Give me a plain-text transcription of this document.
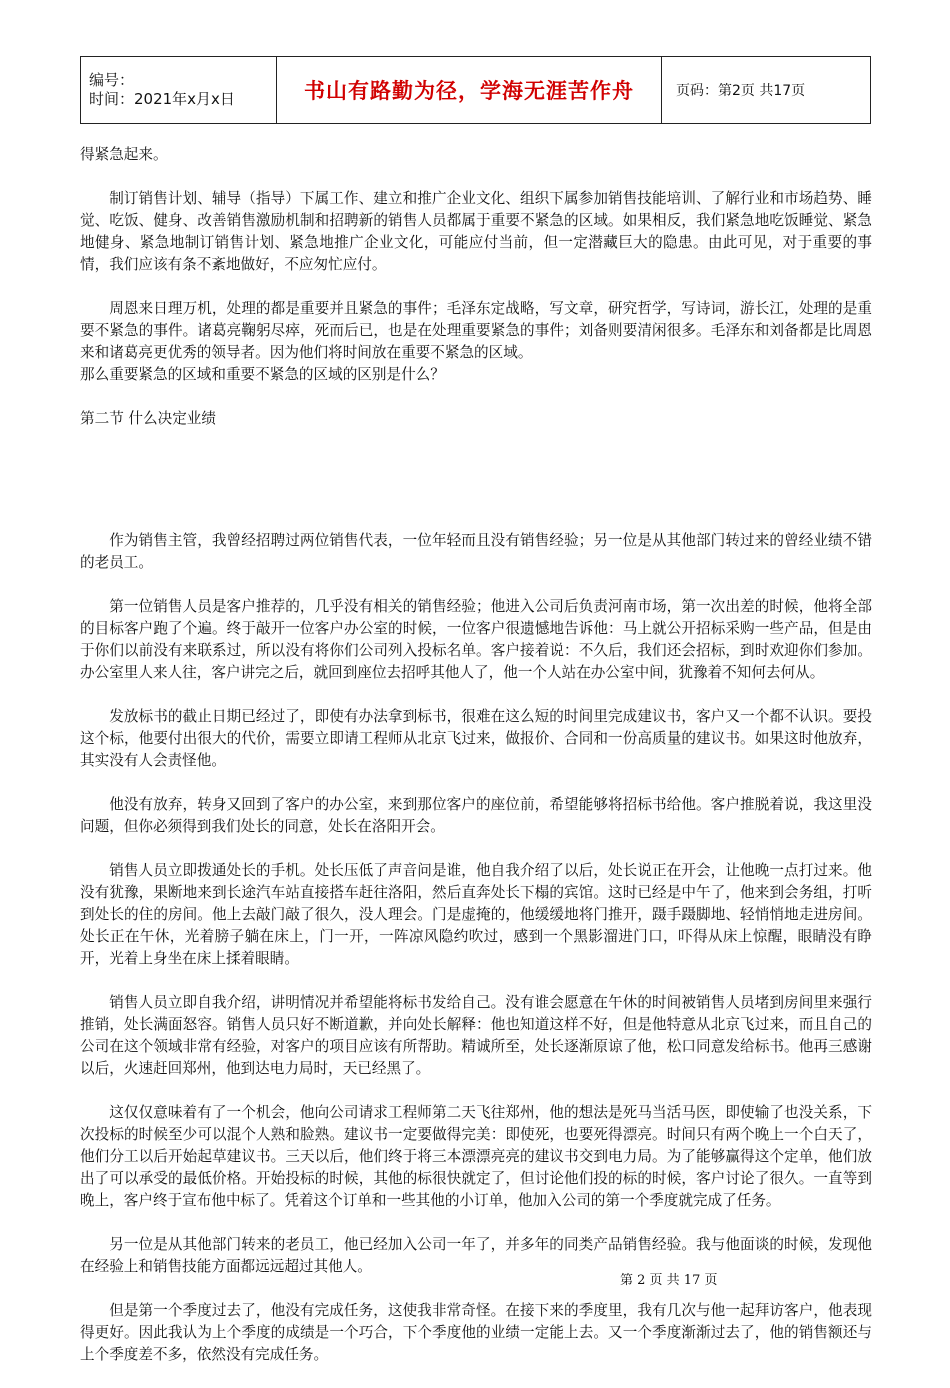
编号：
时间：2021年x月x日	书山有路勤为径，学海无涯苦作舟	页码：第2页 共17页

得紧急起来。

制订销售计划、辅导（指导）下属工作、建立和推广企业文化、组织下属参加销售技能培训、了解行业和市场趋势、睡觉、吃饭、健身、改善销售激励机制和招聘新的销售人员都属于重要不紧急的区域。如果相反，我们紧急地吃饭睡觉、紧急地健身、紧急地制订销售计划、紧急地推广企业文化，可能应付当前，但一定潜藏巨大的隐患。由此可见，对于重要的事情，我们应该有条不紊地做好，不应匆忙应付。

周恩来日理万机，处理的都是重要并且紧急的事件；毛泽东定战略，写文章，研究哲学，写诗词，游长江，处理的是重要不紧急的事件。诸葛亮鞠躬尽瘁，死而后已，也是在处理重要紧急的事件；刘备则要清闲很多。毛泽东和刘备都是比周恩来和诸葛亮更优秀的领导者。因为他们将时间放在重要不紧急的区域。

那么重要紧急的区域和重要不紧急的区域的区别是什么？

第二节 什么决定业绩

作为销售主管，我曾经招聘过两位销售代表，一位年轻而且没有销售经验；另一位是从其他部门转过来的曾经业绩不错的老员工。

第一位销售人员是客户推荐的，几乎没有相关的销售经验；他进入公司后负责河南市场，第一次出差的时候，他将全部的目标客户跑了个遍。终于敲开一位客户办公室的时候，一位客户很遗憾地告诉他：马上就公开招标采购一些产品，但是由于你们以前没有来联系过，所以没有将你们公司列入投标名单。客户接着说：不久后，我们还会招标，到时欢迎你们参加。办公室里人来人往，客户讲完之后，就回到座位去招呼其他人了，他一个人站在办公室中间，犹豫着不知何去何从。

发放标书的截止日期已经过了，即使有办法拿到标书，很难在这么短的时间里完成建议书，客户又一个都不认识。要投这个标，他要付出很大的代价，需要立即请工程师从北京飞过来，做报价、合同和一份高质量的建议书。如果这时他放弃，其实没有人会责怪他。

他没有放弃，转身又回到了客户的办公室，来到那位客户的座位前，希望能够将招标书给他。客户推脱着说，我这里没问题，但你必须得到我们处长的同意，处长在洛阳开会。

销售人员立即拨通处长的手机。处长压低了声音问是谁，他自我介绍了以后，处长说正在开会，让他晚一点打过来。他没有犹豫，果断地来到长途汽车站直接搭车赶往洛阳，然后直奔处长下榻的宾馆。这时已经是中午了，他来到会务组，打听到处长的住的房间。他上去敲门敲了很久，没人理会。门是虚掩的，他缓缓地将门推开，蹑手蹑脚地、轻悄悄地走进房间。处长正在午休，光着膀子躺在床上，门一开，一阵凉风隐约吹过，感到一个黑影溜进门口，吓得从床上惊醒，眼睛没有睁开，光着上身坐在床上揉着眼睛。

销售人员立即自我介绍，讲明情况并希望能将标书发给自己。没有谁会愿意在午休的时间被销售人员堵到房间里来强行推销，处长满面怒容。销售人员只好不断道歉，并向处长解释：他也知道这样不好，但是他特意从北京飞过来，而且自己的公司在这个领域非常有经验，对客户的项目应该有所帮助。精诚所至，处长逐渐原谅了他，松口同意发给标书。他再三感谢以后，火速赶回郑州，他到达电力局时，天已经黑了。

这仅仅意味着有了一个机会，他向公司请求工程师第二天飞往郑州，他的想法是死马当活马医，即使输了也没关系，下次投标的时候至少可以混个人熟和脸熟。建议书一定要做得完美：即使死，也要死得漂亮。时间只有两个晚上一个白天了，他们分工以后开始起草建议书。三天以后，他们终于将三本漂漂亮亮的建议书交到电力局。为了能够赢得这个定单，他们放出了可以承受的最低价格。开始投标的时候，其他的标很快就定了，但讨论他们投的标的时候，客户讨论了很久。一直等到晚上，客户终于宣布他中标了。凭着这个订单和一些其他的小订单，他加入公司的第一个季度就完成了任务。

另一位是从其他部门转来的老员工，他已经加入公司一年了，并多年的同类产品销售经验。我与他面谈的时候，发现他在经验上和销售技能方面都远远超过其他人。

但是第一个季度过去了，他没有完成任务，这使我非常奇怪。在接下来的季度里，我有几次与他一起拜访客户，他表现得更好。因此我认为上个季度的成绩是一个巧合，下个季度他的业绩一定能上去。又一个季度渐渐过去了，他的销售额还与上个季度差不多，依然没有完成任务。

第 2 页 共 17 页
